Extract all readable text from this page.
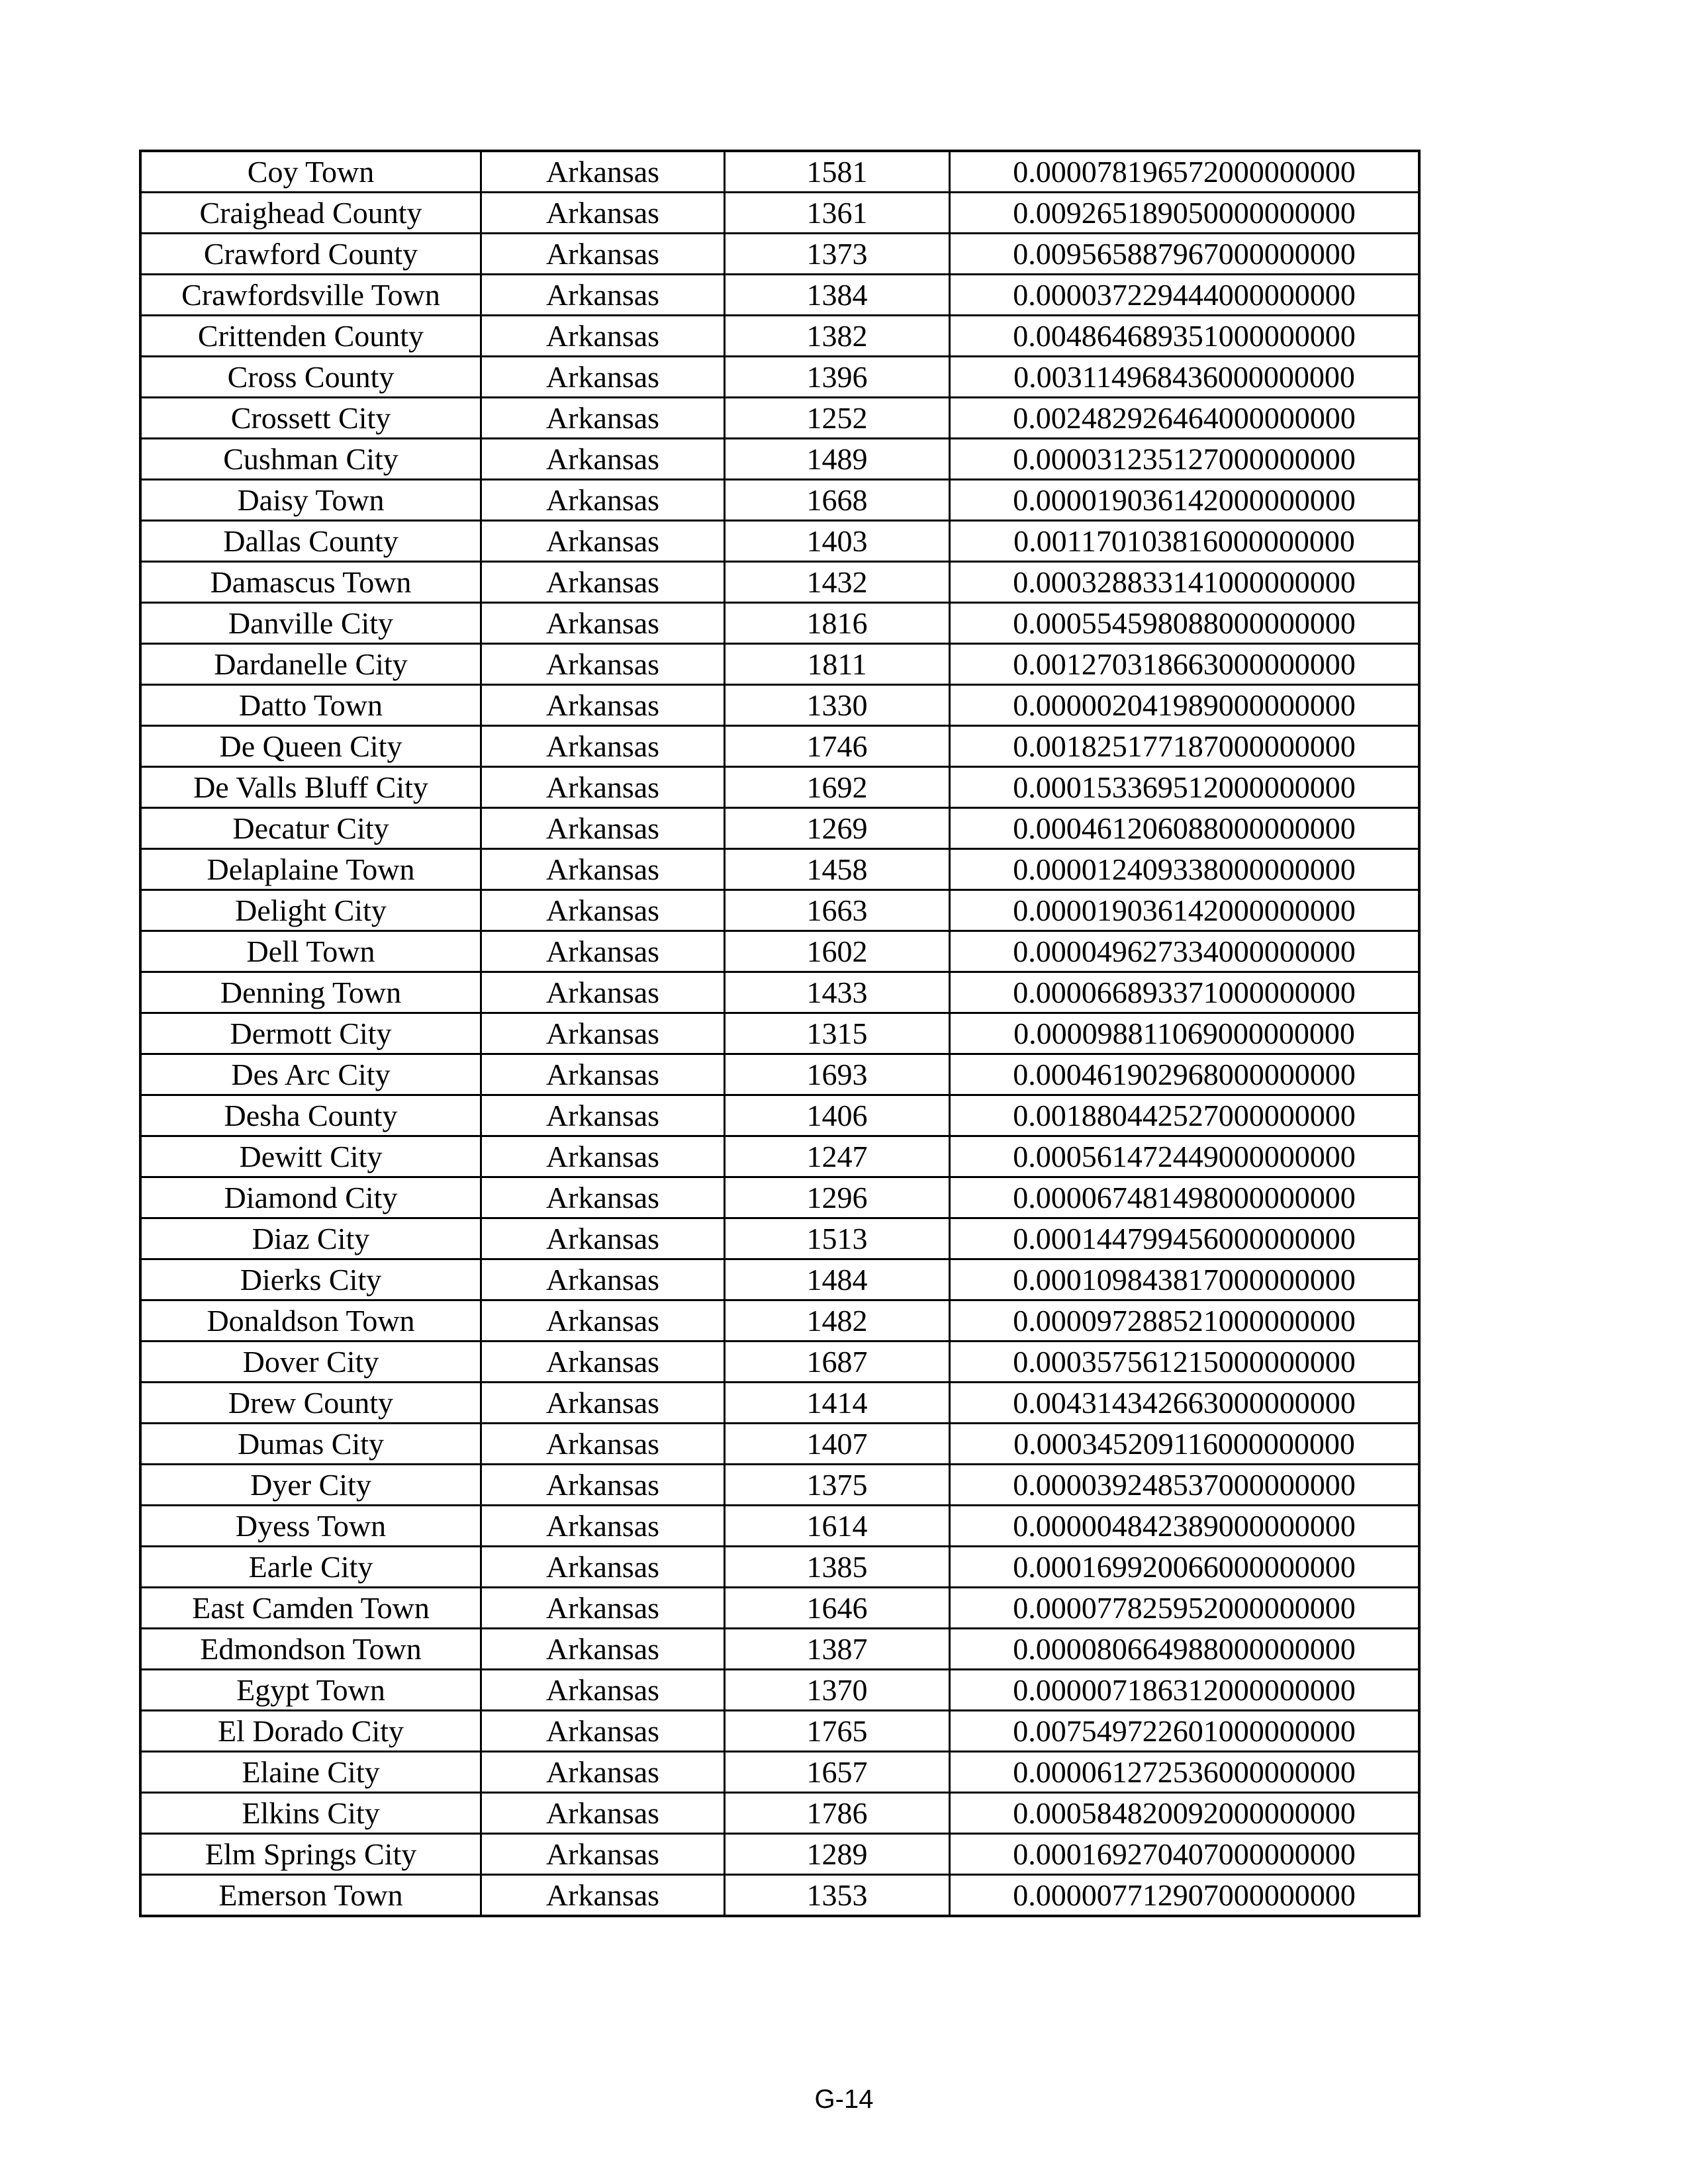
Coy Town	Arkansas	1581	0.000078196572000000000
Craighead County	Arkansas	1361	0.009265189050000000000
Crawford County	Arkansas	1373	0.009565887967000000000
Crawfordsville Town	Arkansas	1384	0.000037229444000000000
Crittenden County	Arkansas	1382	0.004864689351000000000
Cross County	Arkansas	1396	0.003114968436000000000
Crossett City	Arkansas	1252	0.002482926464000000000
Cushman City	Arkansas	1489	0.000031235127000000000
Daisy Town	Arkansas	1668	0.000019036142000000000
Dallas County	Arkansas	1403	0.001170103816000000000
Damascus Town	Arkansas	1432	0.000328833141000000000
Danville City	Arkansas	1816	0.000554598088000000000
Dardanelle City	Arkansas	1811	0.001270318663000000000
Datto Town	Arkansas	1330	0.000002041989000000000
De Queen City	Arkansas	1746	0.001825177187000000000
De Valls Bluff City	Arkansas	1692	0.000153369512000000000
Decatur City	Arkansas	1269	0.000461206088000000000
Delaplaine Town	Arkansas	1458	0.000012409338000000000
Delight City	Arkansas	1663	0.000019036142000000000
Dell Town	Arkansas	1602	0.000049627334000000000
Denning Town	Arkansas	1433	0.000066893371000000000
Dermott City	Arkansas	1315	0.000098811069000000000
Des Arc City	Arkansas	1693	0.000461902968000000000
Desha County	Arkansas	1406	0.001880442527000000000
Dewitt City	Arkansas	1247	0.000561472449000000000
Diamond City	Arkansas	1296	0.000067481498000000000
Diaz City	Arkansas	1513	0.000144799456000000000
Dierks City	Arkansas	1484	0.000109843817000000000
Donaldson Town	Arkansas	1482	0.000097288521000000000
Dover City	Arkansas	1687	0.000357561215000000000
Drew County	Arkansas	1414	0.004314342663000000000
Dumas City	Arkansas	1407	0.000345209116000000000
Dyer City	Arkansas	1375	0.000039248537000000000
Dyess Town	Arkansas	1614	0.000004842389000000000
Earle City	Arkansas	1385	0.000169920066000000000
East Camden Town	Arkansas	1646	0.000077825952000000000
Edmondson Town	Arkansas	1387	0.000080664988000000000
Egypt Town	Arkansas	1370	0.000007186312000000000
El Dorado City	Arkansas	1765	0.007549722601000000000
Elaine City	Arkansas	1657	0.000061272536000000000
Elkins City	Arkansas	1786	0.000584820092000000000
Elm Springs City	Arkansas	1289	0.000169270407000000000
Emerson Town	Arkansas	1353	0.000007712907000000000
G-14
